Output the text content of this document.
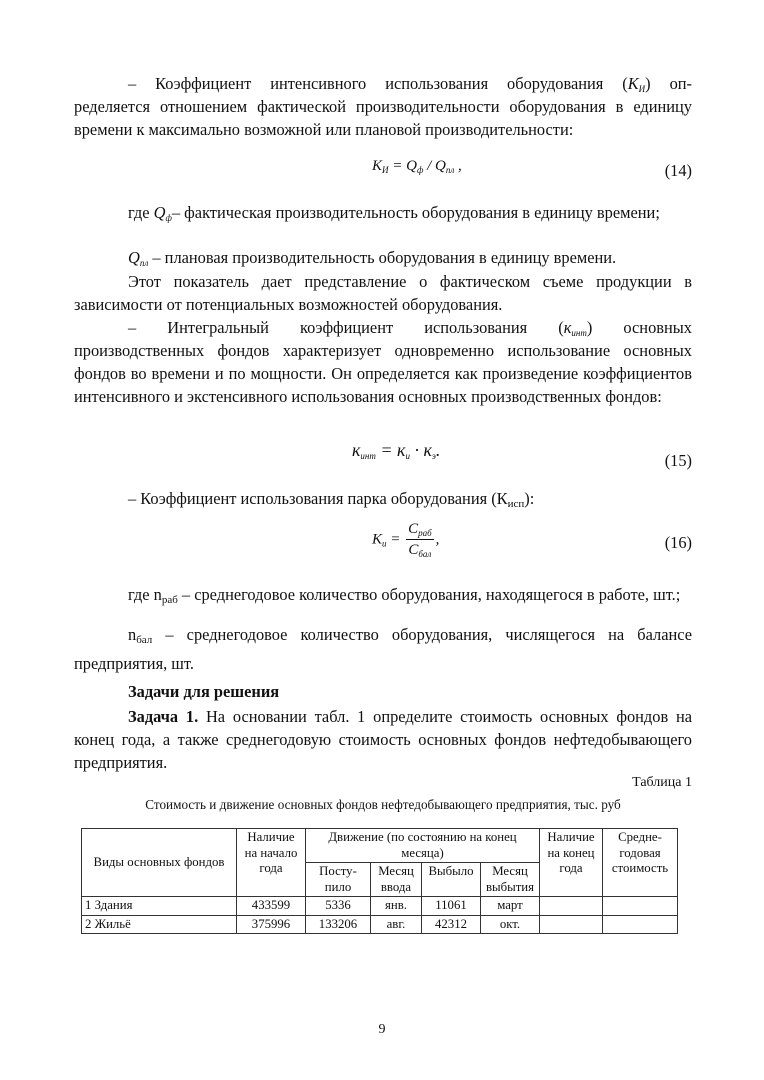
– Коэффициент интенсивного использования оборудования $(К_И)$ оп-

ределяется отношением фактической производительности оборудования в единицу времени к максимально возможной или плановой производительности:

$К_И = Q_ф / Q_{пл}$ ,	(14)

где $Q_ф-$ фактическая производительность оборудования в единицу времени;

$Q_{пл}$ – плановая производительность оборудования в единицу времени.

Этот показатель дает представление о фактическом съеме продукции в зависимости от потенциальных возможностей оборудования.

– Интегральный коэффициент использования $(к_{инт})$ основных

производственных фондов характеризует одновременно использование основных фондов во времени и по мощности. Он определяется как произведение коэффициентов интенсивного и экстенсивного использования основных производственных фондов:

$к_{инт} = к_и \cdot к_э$.
(15)

– Коэффициент использования парка оборудования $(К_{исп})$:

$К_и = \frac{С_{раб}}{С_{бал}}$ ,	(16)

где $n_{раб}$ – среднегодовое количество оборудования, находящегося в работе, шт.;

$n_{бал}$ – среднегодовое количество оборудования, числящегося на балансе предприятия, шт.

Задачи для решения

Задача 1. На основании табл. 1 определите стоимость основных фондов на конец года, а также среднегодовую стоимость основных фондов нефтедобывающего предприятия.

Таблица 1
Стоимость и движение основных фондов нефтедобывающего предприятия, тыс. руб
Виды основных фондов	Наличие на начало года	Движение (по состоянию на конец месяца)				Наличие на конец года	Средне-годовая стоимость
		Посту-пило	Месяц ввода	Выбыло	Месяц выбытия		
1 Здания	433599	5336	янв.	11061	март		
2 Жильё	375996	133206	авг.	42312	окт.		
9
